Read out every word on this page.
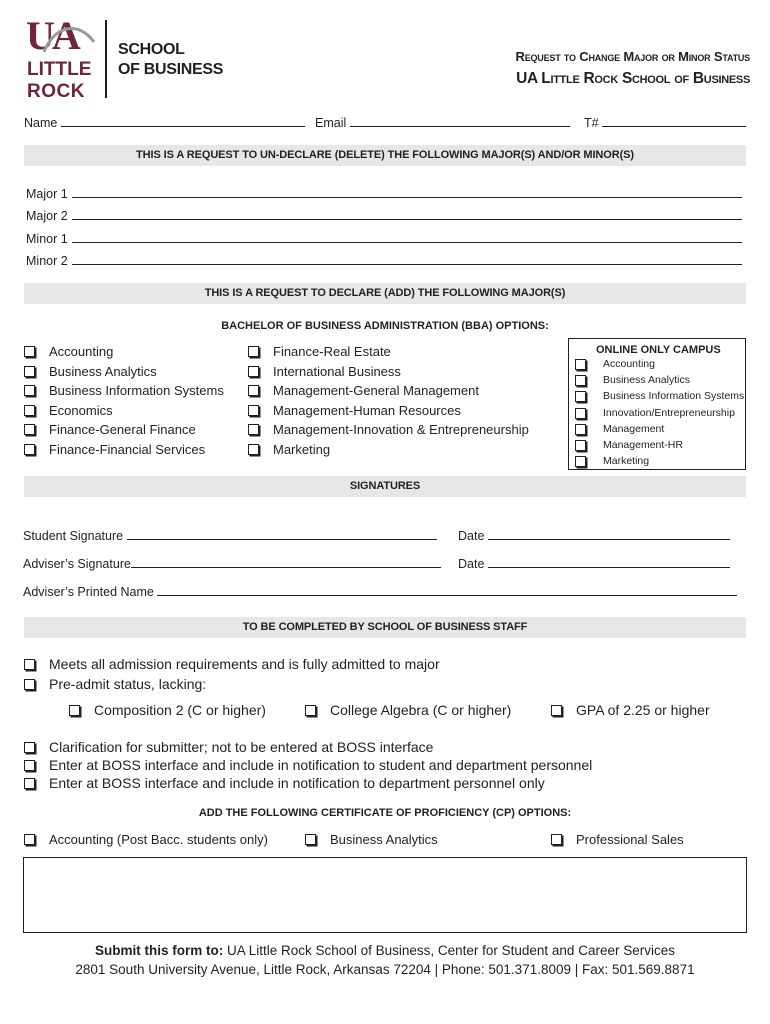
UA
LITTLE
ROCK
SCHOOL
OF BUSINESS
Request to Change Major or Minor Status
UA Little Rock School of Business
Name	Email	T#
THIS IS A REQUEST TO UN-DECLARE (DELETE) THE FOLLOWING MAJOR(S) AND/OR MINOR(S)
Major 1
Major 2
Minor 1
Minor 2
THIS IS A REQUEST TO DECLARE (ADD) THE FOLLOWING MAJOR(S)
BACHELOR OF BUSINESS ADMINISTRATION (BBA) OPTIONS:
Accounting
Business Analytics
Business Information Systems
Economics
Finance-General Finance
Finance-Financial Services
Finance-Real Estate
International Business
Management-General Management
Management-Human Resources
Management-Innovation & Entrepreneurship
Marketing
ONLINE ONLY CAMPUS
Accounting
Business Analytics
Business Information Systems
Innovation/Entrepreneurship
Management
Management-HR
Marketing
SIGNATURES
Student Signature	Date
Adviser’s Signature	Date
Adviser’s Printed Name
TO BE COMPLETED BY SCHOOL OF BUSINESS STAFF
Meets all admission requirements and is fully admitted to major
Pre-admit status, lacking:
Composition 2 (C or higher)	College Algebra (C or higher)	GPA of 2.25 or higher
Clarification for submitter; not to be entered at BOSS interface
Enter at BOSS interface and include in notification to student and department personnel
Enter at BOSS interface and include in notification to department personnel only
ADD THE FOLLOWING CERTIFICATE OF PROFICIENCY (CP) OPTIONS:
Accounting (Post Bacc. students only)	Business Analytics	Professional Sales
Submit this form to: UA Little Rock School of Business, Center for Student and Career Services
2801 South University Avenue, Little Rock, Arkansas 72204 | Phone: 501.371.8009 | Fax: 501.569.8871
